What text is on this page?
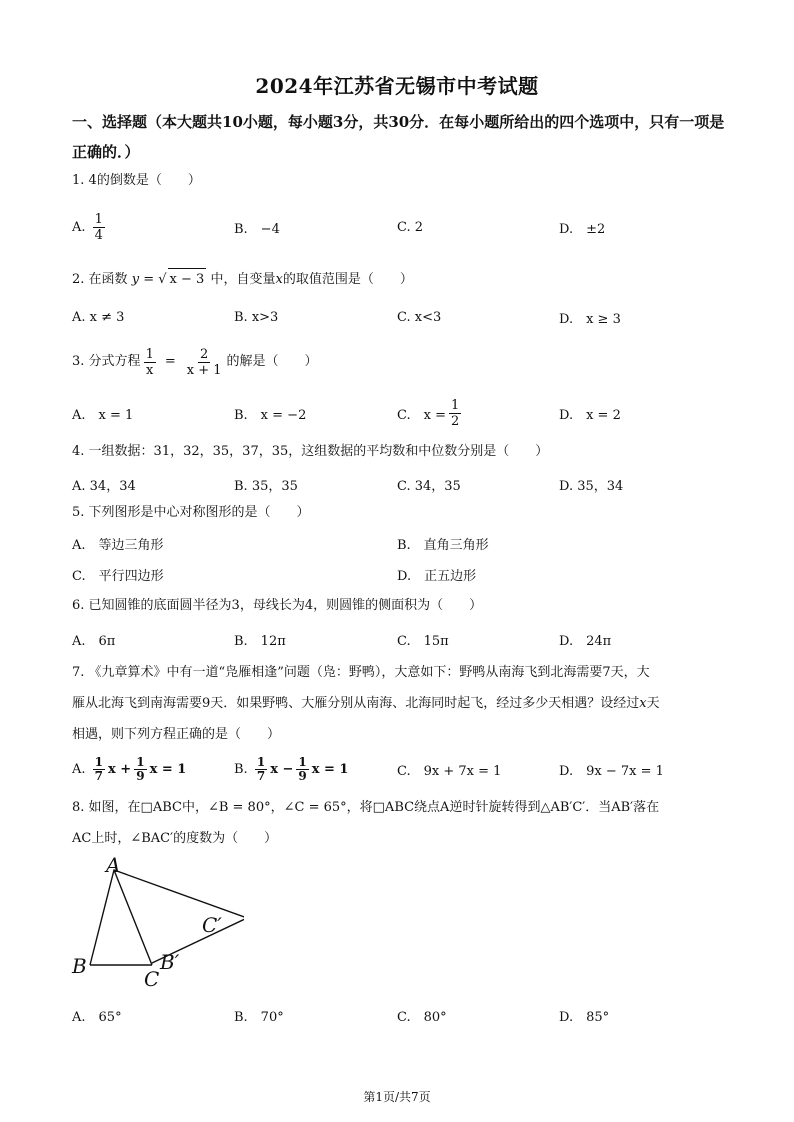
2024年江苏省无锡市中考试题
一、选择题（本大题共10小题，每小题3分，共30分．在每小题所给出的四个选项中，只有一项是正确的．）
1. 4的倒数是（　　）
A.
$\frac{1}{4}$	B.　−4	C. 2	D.　±2
2. 在函数 y = √ x − 3 中，自变量x的取值范围是（　　）
A. x ≠ 3	B. x>3	C. x<3	D.　x ≥ 3
3.
分式方程 $\frac{1}{x} = \frac{2}{x + 1}$ 的解是（　　）
A.　x = 1	B.　x = −2	C.　$x = \frac{1}{2}$	D.　x = 2
4. 一组数据：31，32，35，37，35，这组数据的平均数和中位数分别是（　　）
A. 34，34	B. 35，35	C. 34，35	D. 35，34
5. 下列图形是中心对称图形的是（　　）
A.　等边三角形	B.　直角三角形
C.　平行四边形	D.　正五边形
6. 已知圆锥的底面圆半径为3，母线长为4，则圆锥的侧面积为（　　）
A.　6π	B.　12π	C.　15π	D.　24π
7. 《九章算术》中有一道“凫雁相逢”问题（凫：野鸭），大意如下：野鸭从南海飞到北海需要7天，大
雁从北海飞到南海需要9天．如果野鸭、大雁分别从南海、北海同时起飞，经过多少天相遇？设经过x天
相遇，则下列方程正确的是（　　）
A.
$\frac{1}{7}$ $x + \frac{1}{9}$ x = 1	B.
$\frac{1}{7}$ $x - \frac{1}{9}$ x = 1	C.　9x + 7x = 1	D.　9x − 7x = 1
8. 如图，在□ABC中，∠B = 80°，∠C = 65°，将□ABC绕点A逆时针旋转得到△AB′C′．当AB′落在
AC上时，∠BAC′的度数为（　　）
A
B
C
B′
C′
A.　65°	B.　70°	C.　80°	D.　85°
第1页/共7页
